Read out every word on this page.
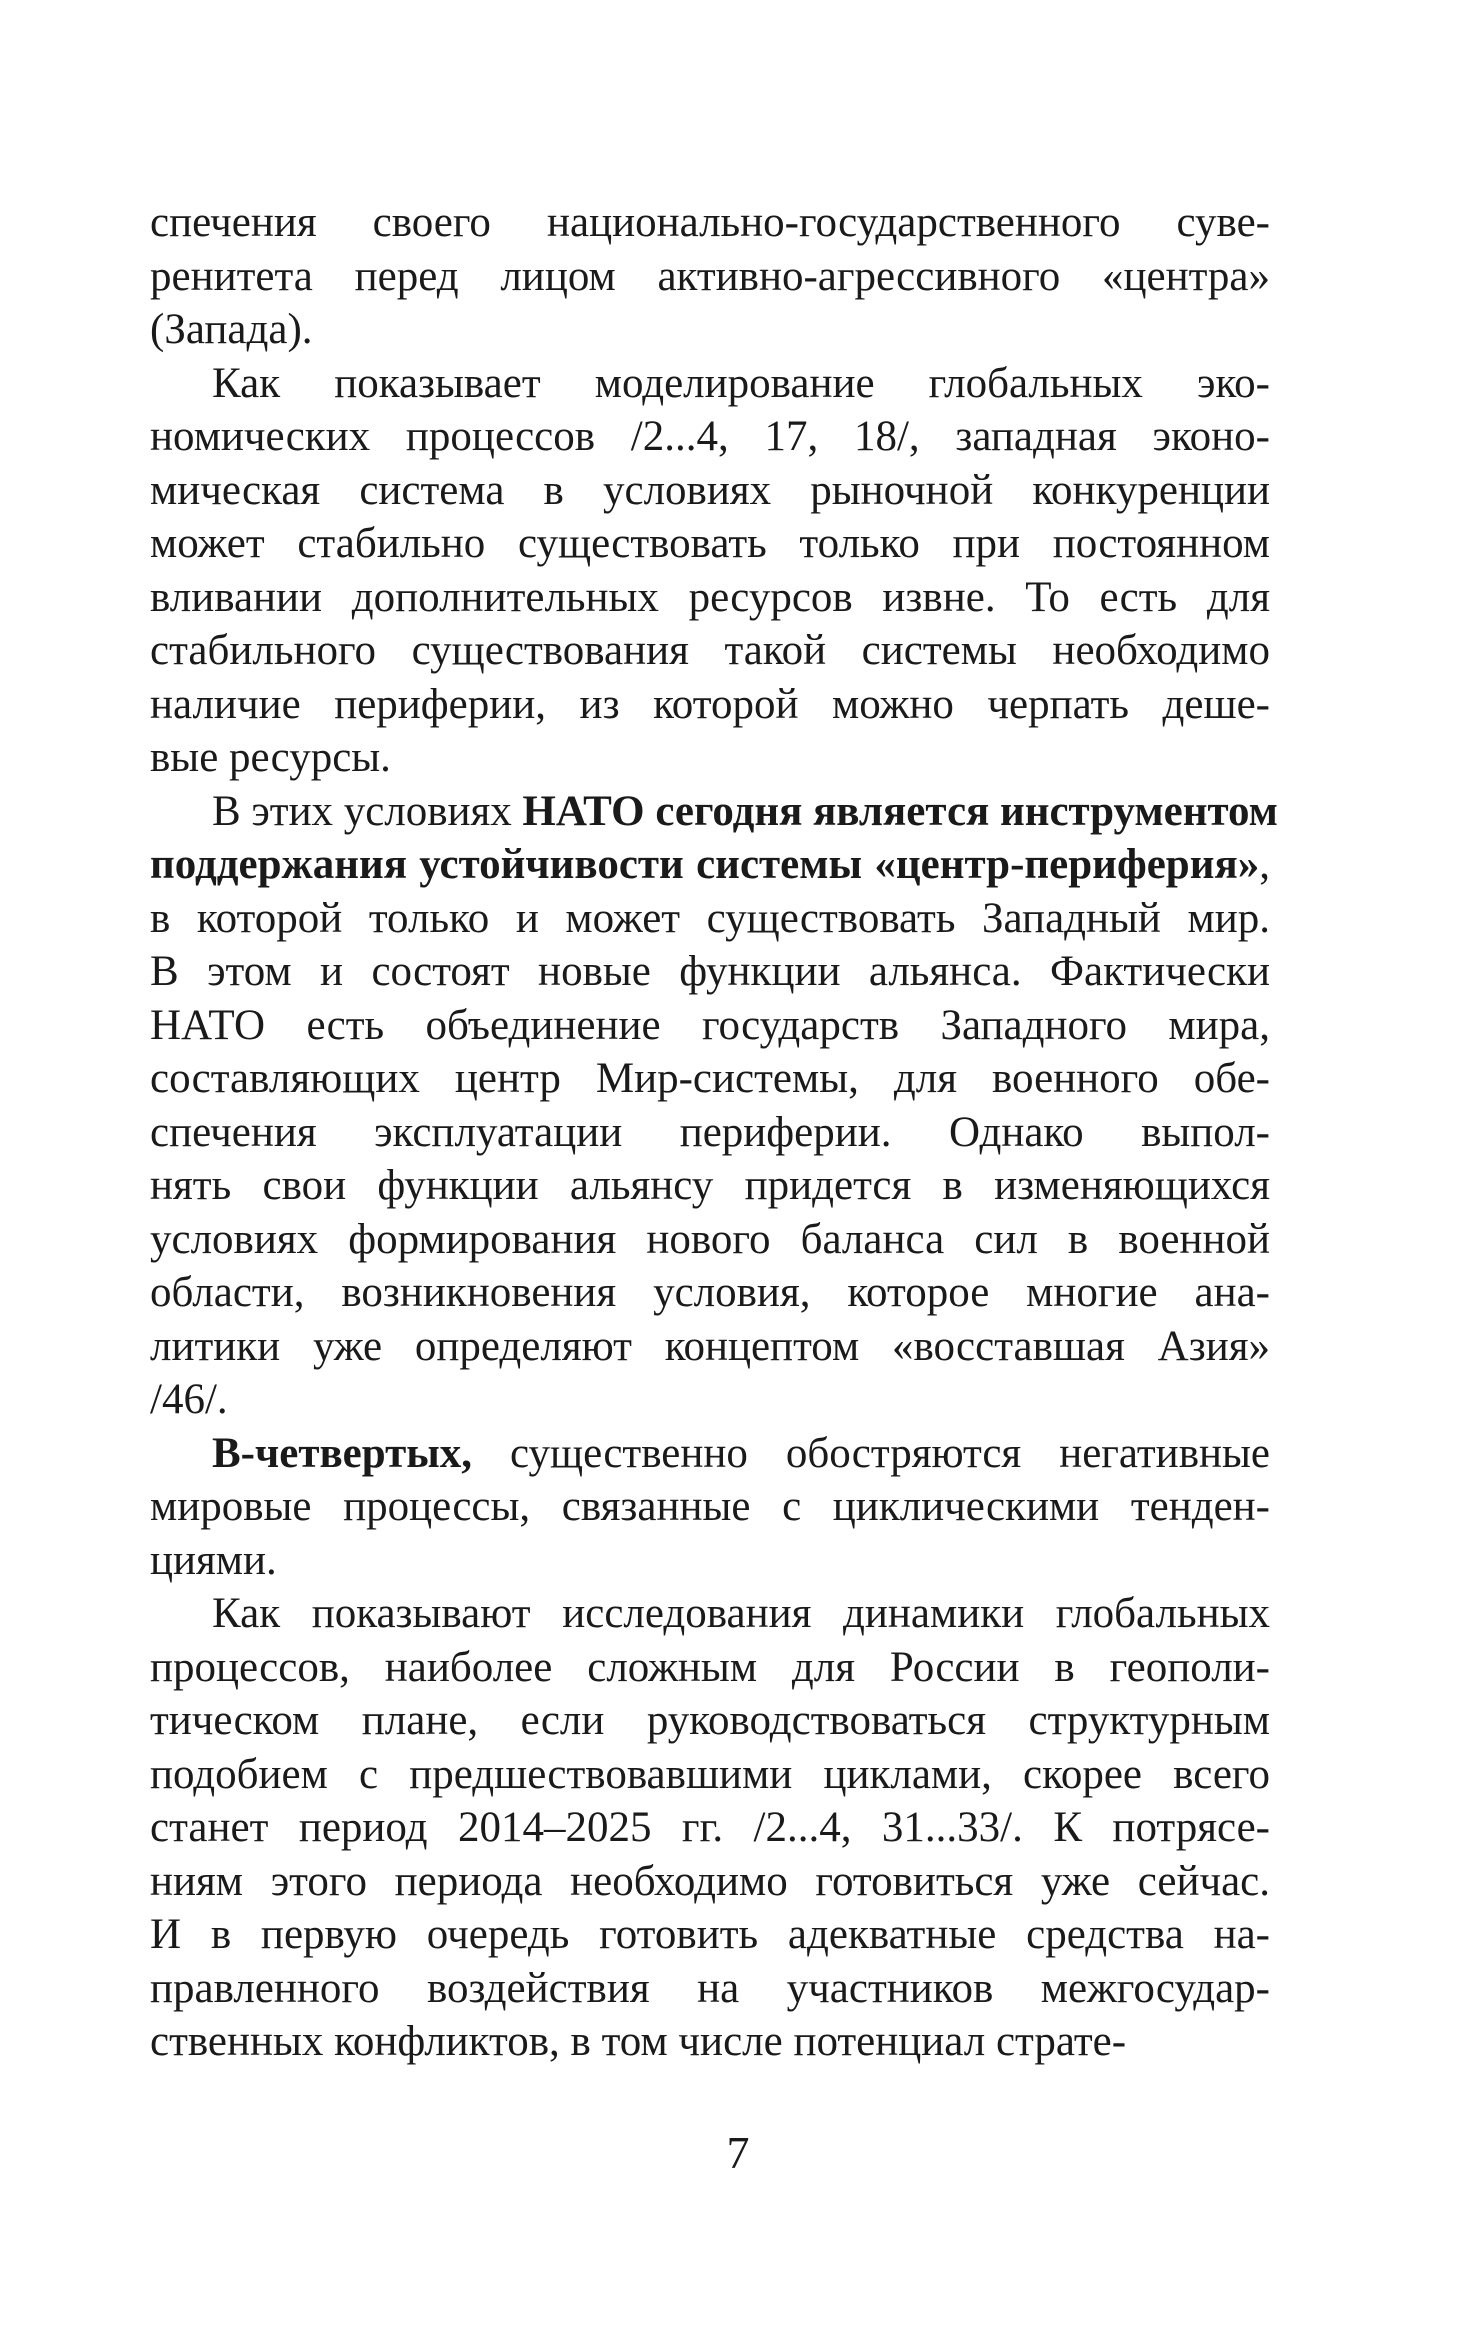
спечения своего национально-государственного суве-
ренитета перед лицом активно-агрессивного «центра»
(Запада).
Как показывает моделирование глобальных эко-
номических процессов /2...4, 17, 18/, западная эконо-
мическая система в условиях рыночной конкуренции
может стабильно существовать только при постоянном
вливании дополнительных ресурсов извне. То есть для
стабильного существования такой системы необходимо
наличие периферии, из которой можно черпать деше-
вые ресурсы.
В этих условиях НАТО сегодня является инструментом
поддержания устойчивости системы «центр-периферия»,
в которой только и может существовать Западный мир.
В этом и состоят новые функции альянса. Фактически
НАТО есть объединение государств Западного мира,
составляющих центр Мир-системы, для военного обе-
спечения эксплуатации периферии. Однако выпол-
нять свои функции альянсу придется в изменяющихся
условиях формирования нового баланса сил в военной
области, возникновения условия, которое многие ана-
литики уже определяют концептом «восставшая Азия»
/46/.
В-четвертых, существенно обостряются негативные
мировые процессы, связанные с циклическими тенден-
циями.
Как показывают исследования динамики глобальных
процессов, наиболее сложным для России в геополи-
тическом плане, если руководствоваться структурным
подобием с предшествовавшими циклами, скорее всего
станет период 2014–2025 гг. /2...4, 31...33/. К потрясе-
ниям этого периода необходимо готовиться уже сейчас.
И в первую очередь готовить адекватные средства на-
правленного воздействия на участников межгосудар-
ственных конфликтов, в том числе потенциал страте-
7
